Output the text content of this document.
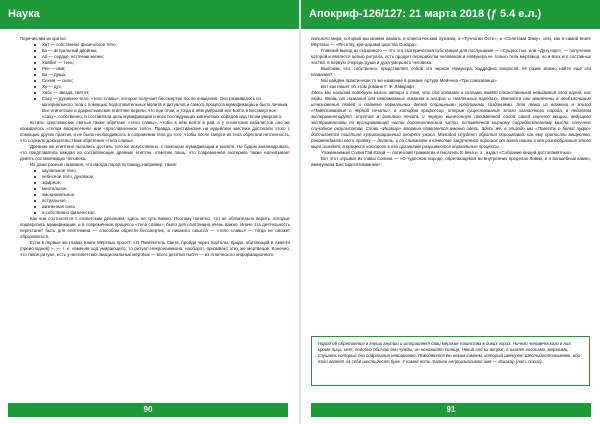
Наука

Перечислим их кратко:

Хат — собственно физическое тело;
Ка — астральный двойник;
Аб — сердце, источник жизни;
Хайбит — тень;
Рен — имя;
Ба — душа;
Сехем — сила;
Ху — дух;
Хабс — звезда, светоч;
Саху — духовное тело, «тело славы», которое получает бессмертие после очищения. Оно развивалось из материального тела с помощью подготовительных молитв и ритуалов и самого процесса мумификации и было личным. Все египетские и дохристианские египтяне верили, что при этом, и тогда в нём умерший мог войти в Бессмертное «саху», собственно, и составляла цель мумификации и всех последующих магических обрядов над телом умершего.

Кстати, христианские святые также обретают «тело славы», чтобы в нём войти в рай, а у египетских кабалистов оно же называлось «телом воскресения» или «прославленное тело». Правда, христианские ни иудейские мистики достигали этого с помощью других практик, и не была необходимость в сохранении тела до того, чтобы после смерти их тела обретали нетленность, что служило доказательством обретения «тела славы».

Древние же египтяне пытались достичь того же искусственно, с помощью мумификации и молитв. Не будем анализировать, что представляла каждая из составляющих древних египтян, отметим лишь, что современная эзотерика также насчитывает девять составляющих человека.

Их даже разные названия, что иногда порой путаницу, например, такие:

каузальное тело,
небесное тело, духовное,
эфирное,
ментальное,
эмоциональное,
астральное,
жизненная сила
и собственно физическое.

Как они соотносятся с египетским делением, здесь не суть важно. Поэтому понятно, что не обязательно верить, которые подверглись мумификации, и в современном процессе «тела славы», было для египтянина очень важно. Иначе эта деятельность перестанет быть для египтянина — способом обрести бессмертие, и никакого смысла — «тело славы» — тогда не сможет образоваться.

Если в первые же главах Книги Мёртвых просят: «О Повелитель Света, пройди через порталы, приди, обитающий в Аменти (преисподней) », — т. е. изменяя ход умирающего, то ритуал Некрономикона, наоборот, призывает этих же мертвецов. Конечно, что такое ритуал, есть у неегипетских эмоциональных мёртвых — всего десятки тысяч — из этнического информационного

90
Апокриф-126/127: 21 марта 2018 (ƒ 5.4 е.л.)

нального мира, который мы можем назвать и клингончиским путиком, и «Тучногии Осте», и «Селетами Зиму», или, как в самой Книге Мёртвых — «Ресетау, кри-дорами царства Сокара».

Главный вывод из сказанного — что эта эзотерическая субстанция для послушания — «Сущностью, или «Духу»арт», — получение которой и является целью ритуала, есть продукт переработки человеком и Номукера не только тела мертвеца, но и всех его составных частей, в первую очередь души и духа умершего человека.

Выясним, что, собственно, представляет собой эта черная Номукера, хаддефию вопросов: её разве можно найти ещё эти названия?

Мы найдём практически то же название в романе Артура Мейчена «Три самозванца».

Вот как пишет об этом романе Г. Ф. Лавкрафт:

Здесь мы находим подобную мысль автора о том, что под холмами и скалами живёт таинственный невидимый злой народ, нас люди. Вновь от названия для невозможных лимонов в альфах и «маленьких народах». Имеются они вовлечены в необъяснимые исчезновения людей и подмене нормальных детей страшными уродливыми созданиями. Это тема из вложена в эпизод «Повествование о чёрной печати», в котором профессор, открыв существование этого загадочного народа, в недолгом экспериментирует, опустив в дальнюю печать и черную вынесенную предметной силой своей научной вещью, ведущего экспериментами по вуалировавшей части дополнительной части, оставленной мирному сосредоточенному мысли, получено случайное результатов. Слово «Ишакар» впервые появляется именно здесь. Здесь же, в эпизоде мы «Повесть о белой пудре» достигается поистине кульминационный апофеоз ужаса. Молодой студент обратил порошковой, как ему прописали вещество, рекомендовали его к приёму — делать, и со сливанием в качестве закрученной порошок от волка нишки и все разнообразные этого мира исходят, в процессе которого в его организме разрываются нормальные процессы.

Упоминаемый Солин Гай Юлий — латинский грамматик и писатель III века н. э., издал «Собрание вещей достопамятных».

Вот этот отрывок из главы Солина — «О чудесном народе, обретающемся во внутренних пределах Ливии, и о волшебном камне, именуемом Шестидесятикамнем»:

Народ об обретается в глуши внутри и отправляет свои мерзкие таинства в диких горах. Ничего человеческого в них, кроме лица, нет, подобно обычаю они чужды, он ненавидят солнце. Некий сей их вопрос, а шипят голосами, мерзкими, слушать которые без содрогания невозможно. Поводяются ею неким камнем, который именуют Шестидесятикамнем, ибо тот являет на себе шестьдесят букв. У камня есть тайное непроизносимое имя — Ишакар (лат. Ixaxar).
91
